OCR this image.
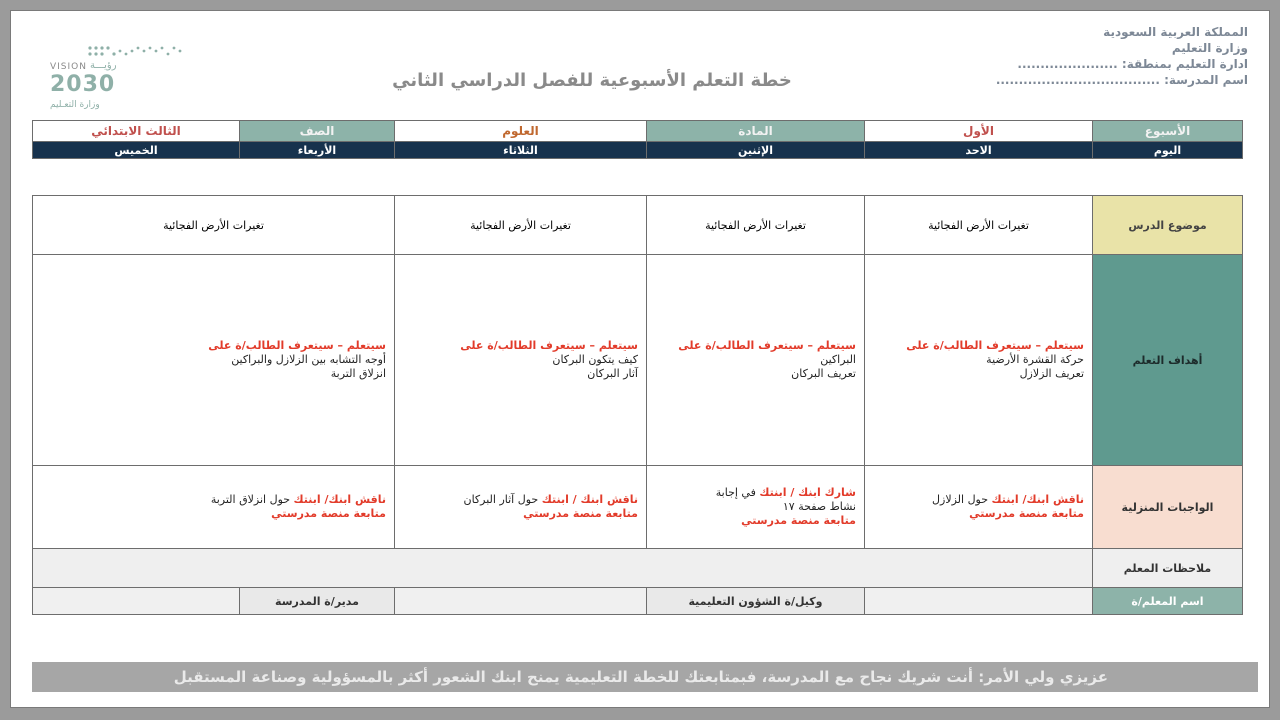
المملكة العربية السعودية
وزارة التعليم
ادارة التعليم بمنطقة: ......................
اسم المدرسة: ....................................
خطة التعلم الأسبوعية للفصل الدراسي الثاني
VISION رؤيـــة
2030
وزارة التعـليم
الأسبوع	الأول	المادة	العلوم	الصف	الثالث الابتدائي
اليوم	الاحد	الإثنين	الثلاثاء	الأربعاء	الخميس

موضوع الدرس	تغيرات الأرض الفجائية	تغيرات الأرض الفجائية	تغيرات الأرض الفجائية	تغيرات الأرض الفجائية	
أهداف التعلم	سيتعلم – سيتعرف الطالب/ة على
حركة القشرة الأرضية
تعريف الزلازل	سيتعلم – سيتعرف الطالب/ة على
البراكين
تعريف البركان	سيتعلم – سيتعرف الطالب/ة على
كيف يتكون البركان
آثار البركان	سيتعلم – سيتعرف الطالب/ة على
أوجه التشابه بين الزلازل والبراكين
انزلاق التربة	

الواجبات المنزلية	ناقش ابنك/ ابنتك حول الزلازل
متابعة منصة مدرستي	شارك ابنك / ابنتك في إجابة
نشاط صفحة ١٧
متابعة منصة مدرستي	ناقش ابنك / ابنتك حول آثار البركان
متابعة منصة مدرستي	ناقش ابنك/ ابنتك حول انزلاق التربة
متابعة منصة مدرستي	

ملاحظات المعلم					
اسم المعلم/ة		وكيل/ة الشؤون التعليمية		مدير/ة المدرسة	
عزيزي ولي الأمر: أنت شريك نجاح مع المدرسة، فبمتابعتك للخطة التعليمية يمنح ابنك الشعور أكثر بالمسؤولية وصناعة المستقبل
